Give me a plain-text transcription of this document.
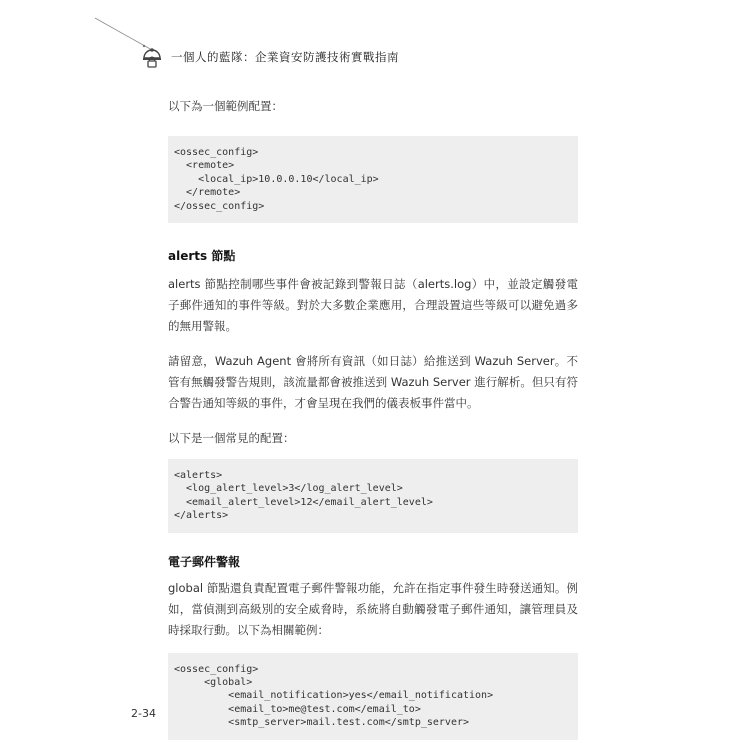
一個人的藍隊：企業資安防護技術實戰指南

以下為一個範例配置：

<ossec_config>
<remote>
<local_ip>10.0.0.10</local_ip>
</remote>
</ossec_config>

alerts 節點

alerts 節點控制哪些事件會被記錄到警報日誌（alerts.log）中，並設定觸發電子郵件通知的事件等級。對於大多數企業應用，合理設置這些等級可以避免過多的無用警報。

請留意，Wazuh Agent 會將所有資訊（如日誌）給推送到 Wazuh Server。不管有無觸發警告規則，該流量都會被推送到 Wazuh Server 進行解析。但只有符合警告通知等級的事件，才會呈現在我們的儀表板事件當中。

以下是一個常見的配置：

<alerts>
<log_alert_level>3</log_alert_level>
<email_alert_level>12</email_alert_level>
</alerts>

電子郵件警報

global 節點還負責配置電子郵件警報功能，允許在指定事件發生時發送通知。例如，當偵測到高級別的安全威脅時，系統將自動觸發電子郵件通知，讓管理員及時採取行動。以下為相關範例：

<ossec_config>
<global>
<email_notification>yes</email_notification>
<email_to>me@test.com</email_to>
<smtp_server>mail.test.com</smtp_server>
2-34
